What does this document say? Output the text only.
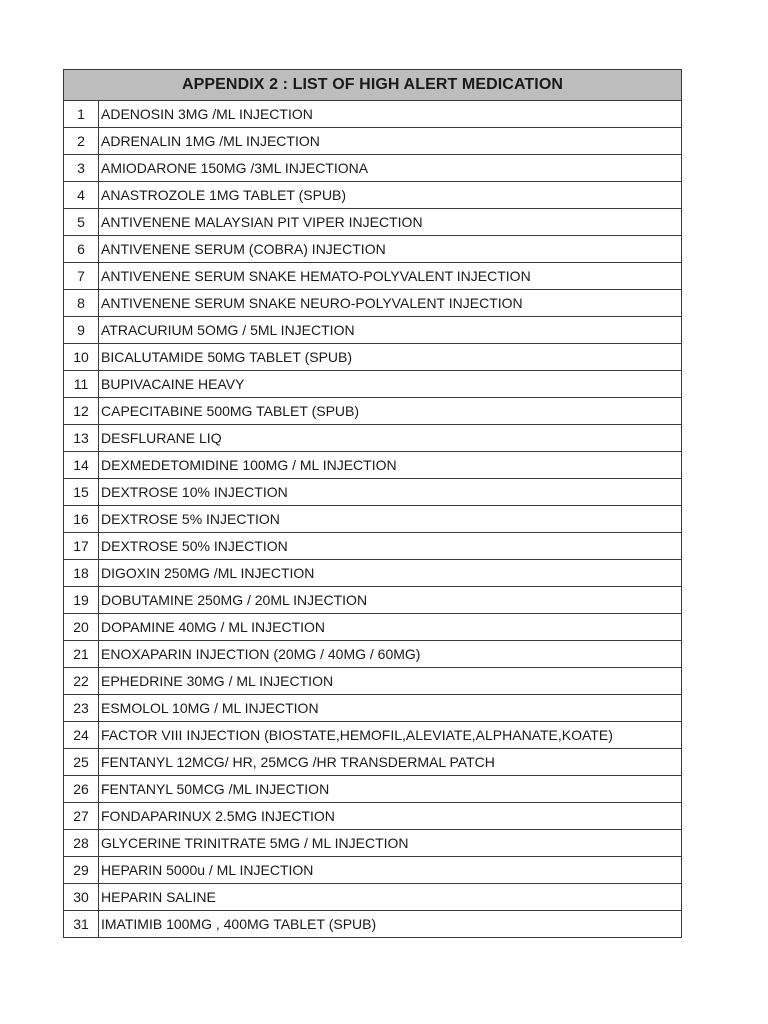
APPENDIX 2 : LIST OF HIGH ALERT MEDICATION	
1	ADENOSIN 3MG /ML INJECTION
2	ADRENALIN 1MG /ML INJECTION
3	AMIODARONE 150MG /3ML INJECTIONA
4	ANASTROZOLE 1MG TABLET (SPUB)
5	ANTIVENENE MALAYSIAN PIT VIPER INJECTION
6	ANTIVENENE SERUM (COBRA) INJECTION
7	ANTIVENENE SERUM SNAKE HEMATO-POLYVALENT INJECTION
8	ANTIVENENE SERUM SNAKE NEURO-POLYVALENT INJECTION
9	ATRACURIUM 5OMG / 5ML INJECTION
10	BICALUTAMIDE 50MG TABLET (SPUB)
11	BUPIVACAINE HEAVY
12	CAPECITABINE 500MG TABLET (SPUB)
13	DESFLURANE LIQ
14	DEXMEDETOMIDINE 100MG / ML INJECTION
15	DEXTROSE 10% INJECTION
16	DEXTROSE 5% INJECTION
17	DEXTROSE 50% INJECTION
18	DIGOXIN 250MG /ML INJECTION
19	DOBUTAMINE 250MG / 20ML INJECTION
20	DOPAMINE 40MG / ML INJECTION
21	ENOXAPARIN INJECTION (20MG / 40MG / 60MG)
22	EPHEDRINE 30MG / ML INJECTION
23	ESMOLOL 10MG / ML INJECTION
24	FACTOR VIII INJECTION (BIOSTATE,HEMOFIL,ALEVIATE,ALPHANATE,KOATE)
25	FENTANYL 12MCG/ HR, 25MCG /HR TRANSDERMAL PATCH
26	FENTANYL 50MCG /ML INJECTION
27	FONDAPARINUX 2.5MG INJECTION
28	GLYCERINE TRINITRATE 5MG / ML INJECTION
29	HEPARIN 5000u / ML INJECTION
30	HEPARIN SALINE
31	IMATIMIB 100MG , 400MG TABLET (SPUB)
